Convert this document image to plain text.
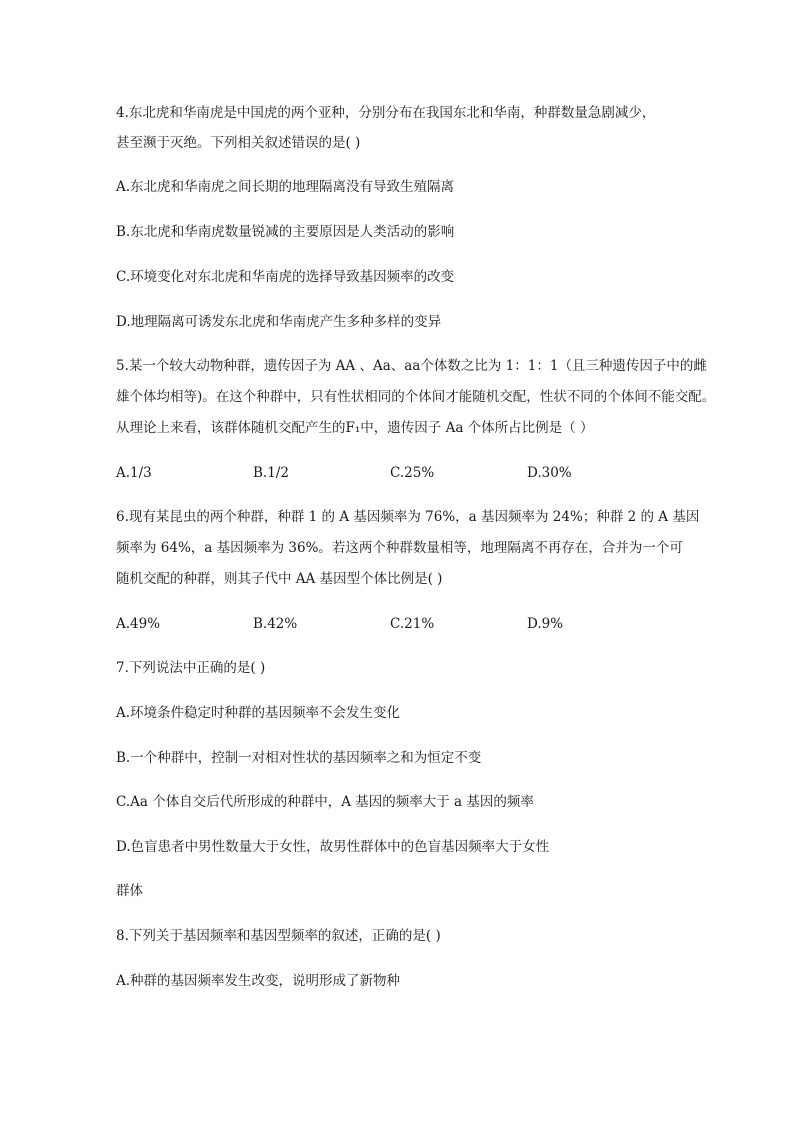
4.东北虎和华南虎是中国虎的两个亚种，分别分布在我国东北和华南，种群数量急剧减少，
甚至濒于灭绝。下列相关叙述错误的是( )
A.东北虎和华南虎之间长期的地理隔离没有导致生殖隔离
B.东北虎和华南虎数量锐减的主要原因是人类活动的影响
C.环境变化对东北虎和华南虎的选择导致基因频率的改变
D.地理隔离可诱发东北虎和华南虎产生多种多样的变异
5.某一个较大动物种群，遗传因子为 AA 、Aa、aa个体数之比为 1：1：1（且三种遗传因子中的雌
雄个体均相等)。在这个种群中，只有性状相同的个体间才能随机交配，性状不同的个体间不能交配。
从理论上来看，该群体随机交配产生的F₁中，遗传因子 Aa 个体所占比例是（ ）
A.1/3	B.1/2	C.25%	D.30%
6.现有某昆虫的两个种群，种群 1 的 A 基因频率为 76%，a 基因频率为 24%；种群 2 的 A 基因
频率为 64%，a 基因频率为 36%。若这两个种群数量相等，地理隔离不再存在，合并为一个可
随机交配的种群，则其子代中 AA 基因型个体比例是( )
A.49%	B.42%	C.21%	D.9%
7.下列说法中正确的是( )
A.环境条件稳定时种群的基因频率不会发生变化
B.一个种群中，控制一对相对性状的基因频率之和为恒定不变
C.Aa 个体自交后代所形成的种群中，A 基因的频率大于 a 基因的频率
D.色盲患者中男性数量大于女性，故男性群体中的色盲基因频率大于女性
群体
8.下列关于基因频率和基因型频率的叙述，正确的是( )
A.种群的基因频率发生改变，说明形成了新物种
